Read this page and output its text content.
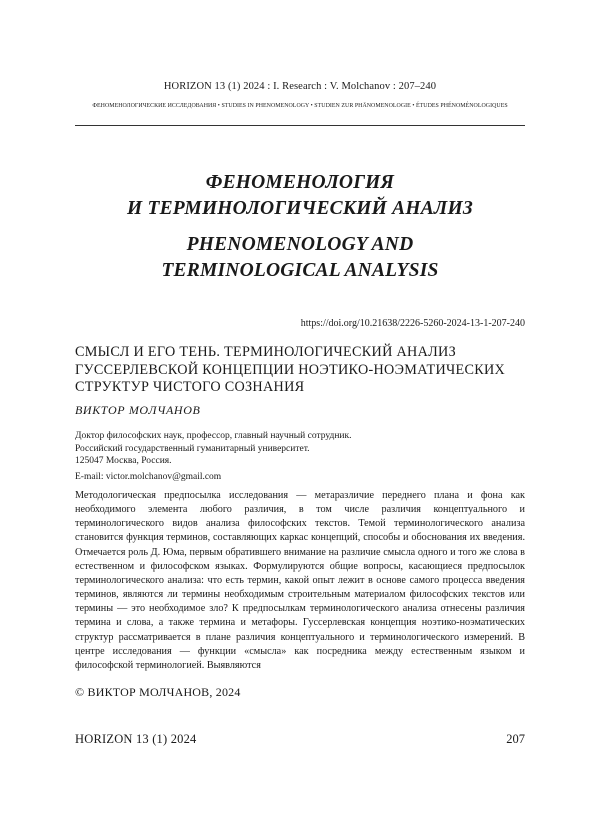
HORIZON 13 (1) 2024 : I. Research : V. Molchanov : 207–240
ФЕНОМЕНОЛОГИЧЕСКИЕ ИССЛЕДОВАНИЯ • STUDIES IN PHENOMENOLOGY • STUDIEN ZUR PHÄNOMENOLOGIE • ÉTUDES PHÉNOMÉNOLOGIQUES
ФЕНОМЕНОЛОГИЯ
И ТЕРМИНОЛОГИЧЕСКИЙ АНАЛИЗ
PHENOMENOLOGY AND
TERMINOLOGICAL ANALYSIS
https://doi.org/10.21638/2226-5260-2024-13-1-207-240
СМЫСЛ И ЕГО ТЕНЬ. ТЕРМИНОЛОГИЧЕСКИЙ АНАЛИЗ
ГУССЕРЛЕВСКОЙ КОНЦЕПЦИИ НОЭТИКО-НОЭМАТИЧЕСКИХ
СТРУКТУР ЧИСТОГО СОЗНАНИЯ
ВИКТОР МОЛЧАНОВ
Доктор философских наук, профессор, главный научный сотрудник.
Российский государственный гуманитарный университет.
125047 Москва, Россия.
E-mail: victor.molchanov@gmail.com

Методологическая предпосылка исследования — метаразличие переднего плана и фона как необходимого элемента любого различия, в том числе различия концептуального и терминологического видов анализа философских текстов. Темой терминологического анализа становится функция терминов, составляющих каркас концепций, способы и обоснования их введения. Отмечается роль Д. Юма, первым обратившего внимание на различие смысла одного и того же слова в естественном и философском языках. Формулируются общие вопросы, касающиеся предпосылок терминологического анализа: что есть термин, какой опыт лежит в основе самого процесса введения терминов, являются ли термины необходимым строительным материалом философских текстов или термины — это необходимое зло? К предпосылкам терминологического анализа отнесены различия термина и слова, а также термина и метафоры. Гуссерлевская концепция ноэтико-ноэматических структур рассматривается в плане различия концептуального и терминологического измерений. В центре исследования — функции «смысла» как посредника между естественным языком и философской терминологией. Выявляются

© ВИКТОР МОЛЧАНОВ, 2024
HORIZON 13 (1) 2024	207
